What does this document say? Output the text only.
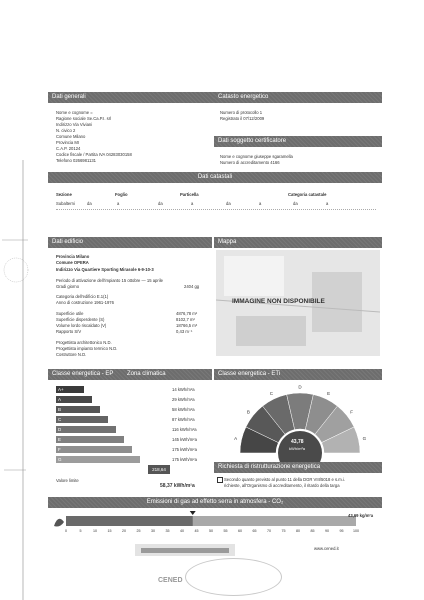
Dati generali	Catasto energetico
Nome e cognome =
Ragione sociale Se.Ca.P.I. srl
Indirizzo Via Viviani
N. civico 2
Comune Milano
Provincia MI
C.A.P. 20124
Codice fiscale / Partita IVA 04283030158
Telefono 0266981131
Numero di protocollo 1
Registrato il 07/12/2009
Dati soggetto certificatore
Nome e cognome giuseppe sgaramella
Numero di accreditamento 4166
Dati catastali
Sezione	Foglio	Particella	Categoria catastale
Subalterni	da	a	da	a	da	a	da	a
Dati edificio
Provincia Milano
Comune OPERA
Indirizzo Via Quartiere Sporting Mirasole 6-9-10-3
Periodo di attivazione dell'impianto 15 ottobre — 15 aprile
Gradi giorno	2404 gg
Categoria dell'edificio E.1(1)
Anno di costruzione 1961-1976
Superficie utile	4876,78 m²
Superficie disperdente (S)	8102,7 m²
Volume lordo riscaldato (V)	18766,5 m³
Rapporto S/V	0,43 m⁻¹
Progettista architettonico N.D.
Progettista impianto termico N.D.
Costruttore N.D.
Mappa
IMMAGINE NON DISPONIBILE
Classe energetica - EP Zona climatica
A+	14 kWh/m²a
A	29 kWh/m²a
B	58 kWh/m²a
C	87 kWh/m²a
D	116 kWh/m²a
E	145 kWh/m²a
F	175 kWh/m²a
G	175 kWh/m²a
218,64
Valore limite
58,37 kWh/m²a
Classe energetica - ETi
A
B
C
D
E
F
G
43,78
kWh/m²a
Richiesta di ristrutturazione energetica
Secondo quanto previsto al punto 11 della DGR VIII/5018 e s.m.i.
richieste, all'Organismo di accreditamento, il ritardo della targa
Emissioni di gas ad effetto serra in atmosfera - CO₂
0	5	10	15	20	25	30	35	40	45	50	55	60	65	70	75	80	85	90	95	100
43,69 kg/m²a
www.cened.it
CENED
